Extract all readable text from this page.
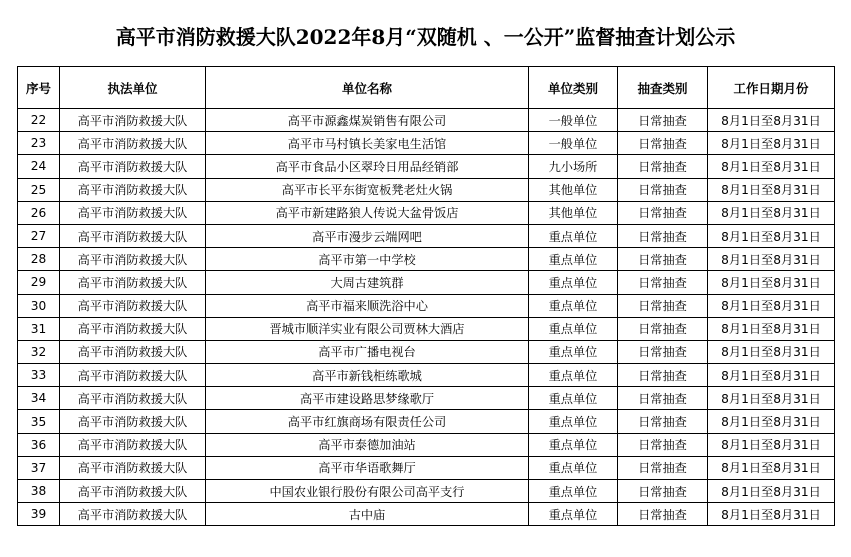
高平市消防救援大队2022年8月“双随机 、一公开”监督抽查计划公示
序号	执法单位	单位名称	单位类别	抽查类别	工作日期月份
22	高平市消防救援大队	高平市源鑫煤炭销售有限公司	一般单位	日常抽查	8月1日至8月31日
23	高平市消防救援大队	高平市马村镇长美家电生活馆	一般单位	日常抽查	8月1日至8月31日
24	高平市消防救援大队	高平市食品小区翠玲日用品经销部	九小场所	日常抽查	8月1日至8月31日
25	高平市消防救援大队	高平市长平东街宽板凳老灶火锅	其他单位	日常抽查	8月1日至8月31日
26	高平市消防救援大队	高平市新建路狼人传说大盆骨饭店	其他单位	日常抽查	8月1日至8月31日
27	高平市消防救援大队	高平市漫步云端网吧	重点单位	日常抽查	8月1日至8月31日
28	高平市消防救援大队	高平市第一中学校	重点单位	日常抽查	8月1日至8月31日
29	高平市消防救援大队	大周古建筑群	重点单位	日常抽查	8月1日至8月31日
30	高平市消防救援大队	高平市福来顺洗浴中心	重点单位	日常抽查	8月1日至8月31日
31	高平市消防救援大队	晋城市顺洋实业有限公司贾林大酒店	重点单位	日常抽查	8月1日至8月31日
32	高平市消防救援大队	高平市广播电视台	重点单位	日常抽查	8月1日至8月31日
33	高平市消防救援大队	高平市新钱柜练歌城	重点单位	日常抽查	8月1日至8月31日
34	高平市消防救援大队	高平市建设路思梦缘歌厅	重点单位	日常抽查	8月1日至8月31日
35	高平市消防救援大队	高平市红旗商场有限责任公司	重点单位	日常抽查	8月1日至8月31日
36	高平市消防救援大队	高平市泰德加油站	重点单位	日常抽查	8月1日至8月31日
37	高平市消防救援大队	高平市华语歌舞厅	重点单位	日常抽查	8月1日至8月31日
38	高平市消防救援大队	中国农业银行股份有限公司高平支行	重点单位	日常抽查	8月1日至8月31日
39	高平市消防救援大队	古中庙	重点单位	日常抽查	8月1日至8月31日
